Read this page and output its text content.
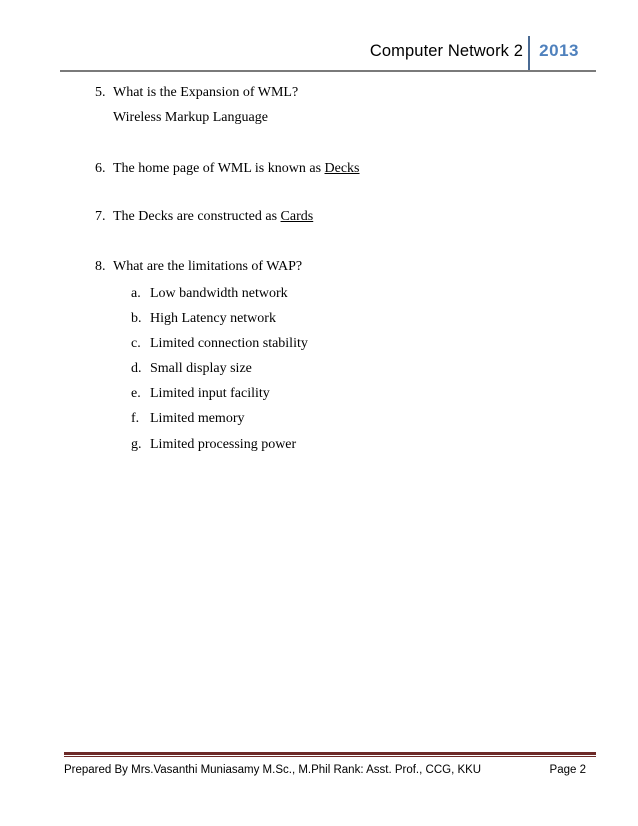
Computer Network 2 2013
5. What is the Expansion of WML?
Wireless Markup Language
6. The home page of WML is known as Decks
7. The Decks are constructed as Cards
8. What are the limitations of WAP?
a. Low bandwidth network
b. High Latency network
c. Limited connection stability
d. Small display size
e. Limited input facility
f. Limited memory
g. Limited processing power
Prepared By Mrs.Vasanthi Muniasamy M.Sc., M.Phil Rank: Asst. Prof., CCG, KKU	Page 2
